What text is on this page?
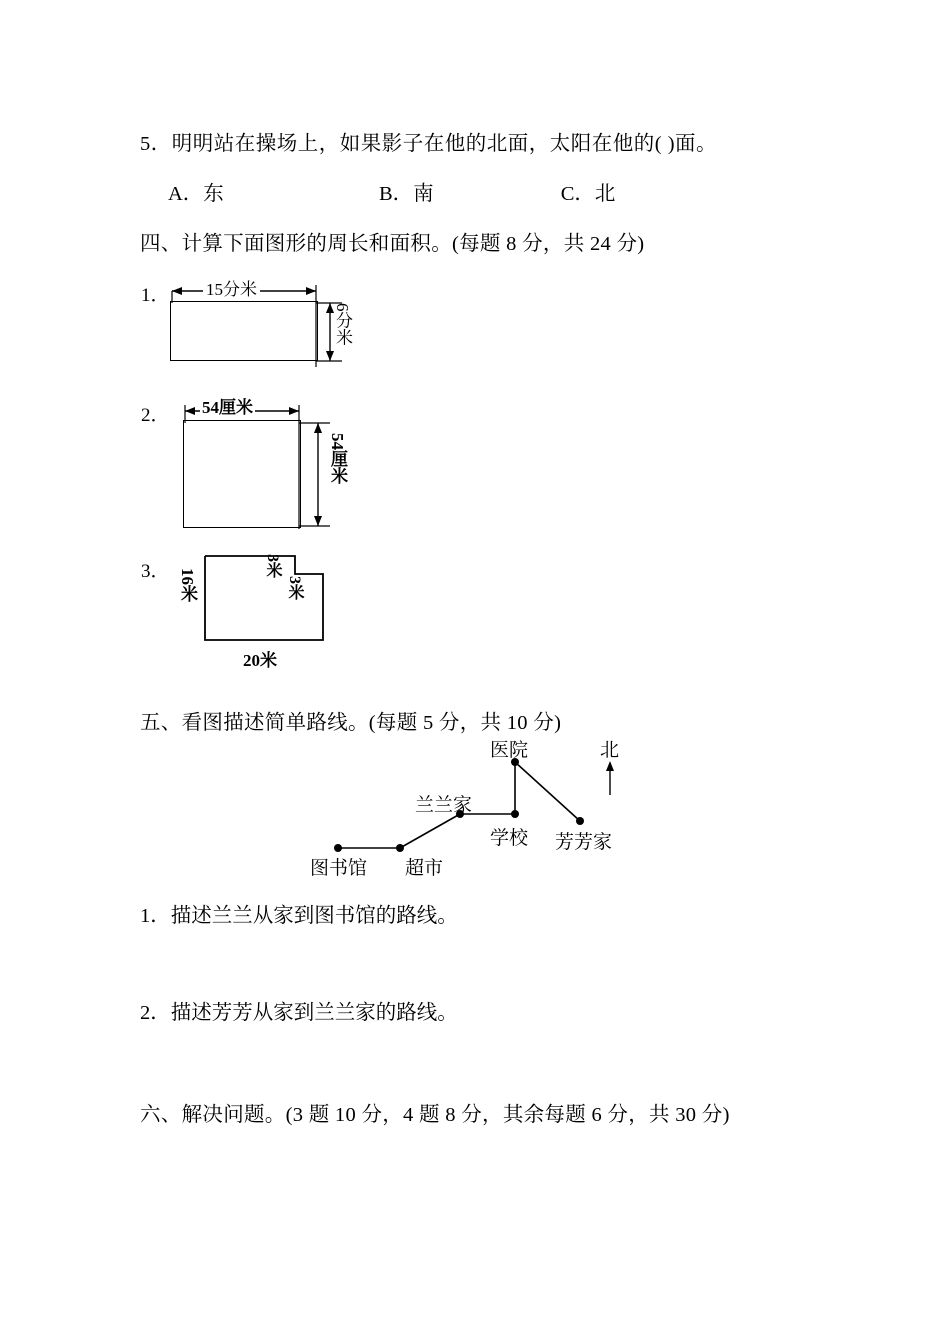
5．明明站在操场上，如果影子在他的北面，太阳在他的( )面。
A．东	B．南	C．北
四、计算下面图形的周长和面积。(每题 8 分，共 24 分)
1． 15分米
6分米
2． 54厘米
54厘米
3． 16米
3米
3米
20米
五、看图描述简单路线。(每题 5 分，共 10 分)
医院
兰兰家
学校 芳芳家
图书馆 超市
北
1．描述兰兰从家到图书馆的路线。
2．描述芳芳从家到兰兰家的路线。
六、解决问题。(3 题 10 分，4 题 8 分，其余每题 6 分，共 30 分)
